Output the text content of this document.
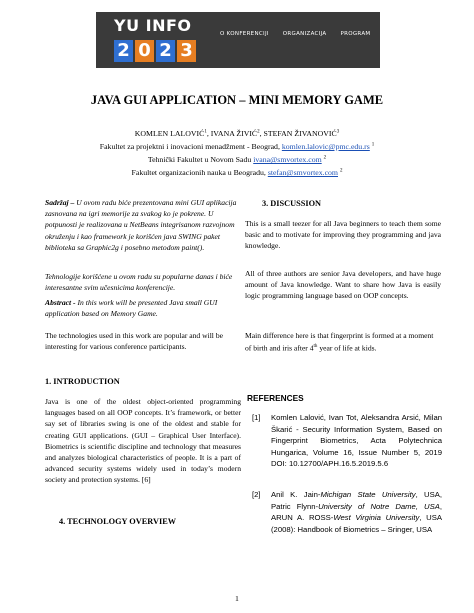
YU INFO
2 0 2 3
O KONFERENCIJI	ORGANIZACIJA	PROGRAM
JAVA GUI APPLICATION – MINI MEMORY GAME
KOMLEN LALOVIĆ$^1$, IVANA ŽIVIĆ$^2$, STEFAN ŽIVANOVIĆ$^3$
Fakultet za projektni i inovacioni menadžment - Beograd, komlen.lalovic@pmc.edu.rs $^1$
Tehnički Fakultet u Novom Sadu ivana@smvortex.com $^2$
Fakultet organizacionih nauka u Beogradu, stefan@smvortex.com $^2$
Sadržaj – U ovom radu biće prezentovana mini GUI aplikacija zasnovana na igri memorije za svakog ko je pokrene. U potpunosti je realizovana u NetBeans integrisanom razvojnom okruženju i kao framework je korišćen java SWING paket biblioteka sa Graphic2g i posebno metodom paint().
Tehnologije korišćene u ovom radu su popularne danas i biće interesantne svim učesnicima konferencije.
Abstract - In this work will be presented Java small GUI application based on Memory Game.
The technologies used in this work are popular and will be interesting for various conference participants.
1. INTRODUCTION
Java is one of the oldest object-oriented programming languages based on all OOP concepts. It’s framework, or better say set of libraries swing is one of the oldest and stable for creating GUI applications. (GUI – Graphical User Interface). Biometrics is scientific discipline and technology that measures and analyzes biological characteristics of people. It is a part of advanced security systems widely used in today’s modern society and protection systems. [6]
4. TECHNOLOGY OVERVIEW
3. DISCUSSION
This is a small teezer for all Java beginners to teach them some basic and to motivate for improving they programming and java knowledge.
All of three authors are senior Java developers, and have huge amount of Java knowledge. Want to share how Java is easily logic programming language based on OOP concepts.
Main difference here is that fingerprint is formed at a moment of birth and iris after 4th year of life at kids.
REFERENCES
[1] Komlen Lalović, Ivan Tot, Aleksandra Arsić, Milan Škarić - Security Information System, Based on Fingerprint Biometrics, Acta Polytechnica Hungarica, Volume 16, Issue Number 5, 2019 DOI: 10.12700/APH.16.5.2019.5.6
[2] Anil K. Jain-Michigan State University, USA, Patric Flynn-University of Notre Dame, USA, ARUN A. ROSS-West Virginia University, USA (2008): Handbook of Biometrics – Sringer, USA
1
